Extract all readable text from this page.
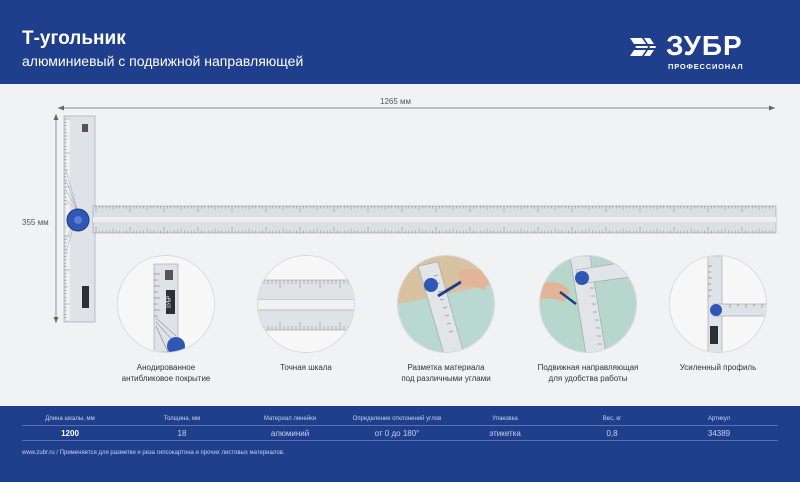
Т-угольник
алюминиевый с подвижной направляющей	ЗУБР
ПРОФЕССИОНАЛ
1265 мм
355 мм
ЗУБР
Анодированное
антибликовое покрытие
Точная шкала	Разметка материала
под различными углами
Подвижная направляющая
для удобства работы
Усиленный профиль
Длина шкалы, мм	Толщина, мм	Материал линейки	Определение отклонений углов	Упаковка	Вес, кг	Артикул
1200	18	алюминий	от 0 до 180°	этикетка	0,8	34389
www.zubr.ru / Применяется для разметки и реза гипсокартона и прочих листовых материалов.
